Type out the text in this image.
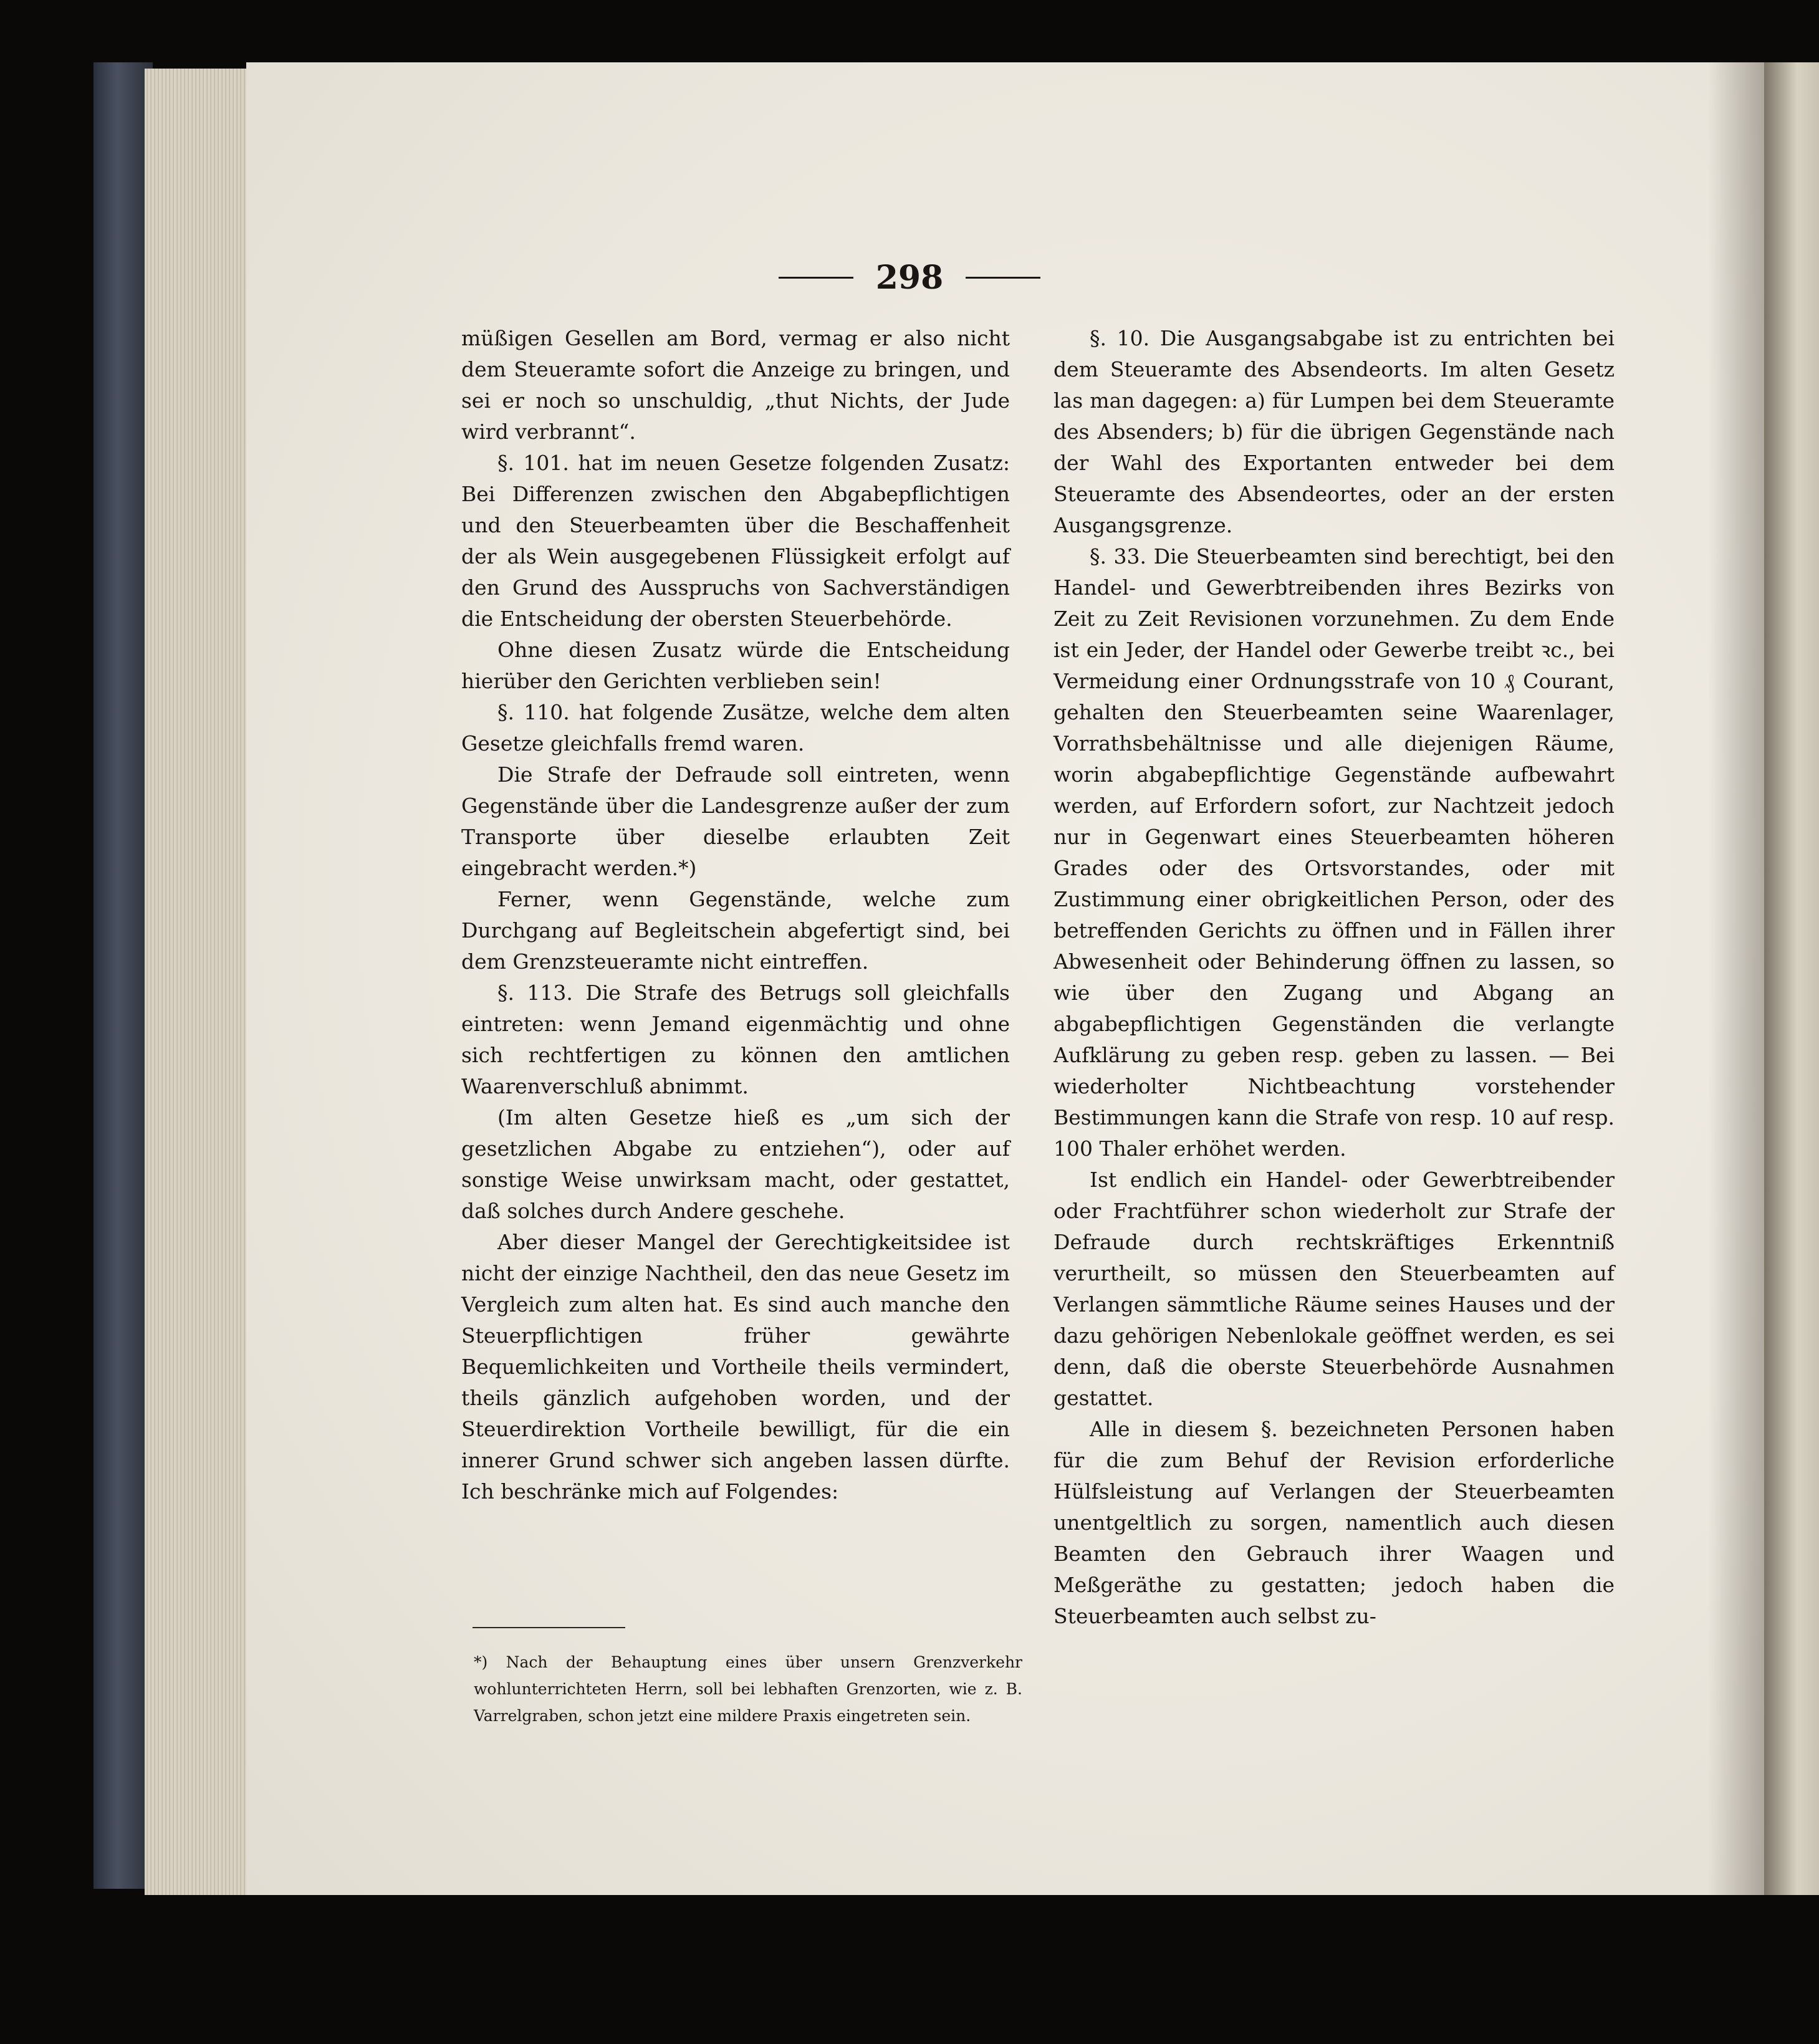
298

müßigen Gesellen am Bord, vermag er also nicht dem Steueramte sofort die Anzeige zu bringen, und sei er noch so unschuldig, „thut Nichts, der Jude wird verbrannt“.

§. 101. hat im neuen Gesetze folgenden Zusatz: Bei Differenzen zwischen den Abgabepflichtigen und den Steuerbeamten über die Beschaffenheit der als Wein ausgegebenen Flüssigkeit erfolgt auf den Grund des Ausspruchs von Sachverständigen die Entscheidung der obersten Steuerbehörde.

Ohne diesen Zusatz würde die Entscheidung hierüber den Gerichten verblieben sein!

§. 110. hat folgende Zusätze, welche dem alten Gesetze gleichfalls fremd waren.

Die Strafe der Defraude soll eintreten, wenn Gegenstände über die Landesgrenze außer der zum Transporte über dieselbe erlaubten Zeit eingebracht werden.*)

Ferner, wenn Gegenstände, welche zum Durchgang auf Begleitschein abgefertigt sind, bei dem Grenzsteueramte nicht eintreffen.

§. 113. Die Strafe des Betrugs soll gleichfalls eintreten: wenn Jemand eigenmächtig und ohne sich rechtfertigen zu können den amtlichen Waarenverschluß abnimmt.

(Im alten Gesetze hieß es „um sich der gesetzlichen Abgabe zu entziehen“), oder auf sonstige Weise unwirksam macht, oder gestattet, daß solches durch Andere geschehe.

Aber dieser Mangel der Gerechtigkeitsidee ist nicht der einzige Nachtheil, den das neue Gesetz im Vergleich zum alten hat. Es sind auch manche den Steuerpflichtigen früher gewährte Bequemlichkeiten und Vortheile theils vermindert, theils gänzlich aufgehoben worden, und der Steuerdirektion Vortheile bewilligt, für die ein innerer Grund schwer sich angeben lassen dürfte. Ich beschränke mich auf Folgendes:

*) Nach der Behauptung eines über unsern Grenzverkehr wohlunterrichteten Herrn, soll bei lebhaften Grenzorten, wie z. B. Varrelgraben, schon jetzt eine mildere Praxis eingetreten sein.

§. 10. Die Ausgangsabgabe ist zu entrichten bei dem Steueramte des Absendeorts. Im alten Gesetz las man dagegen: a) für Lumpen bei dem Steueramte des Absenders; b) für die übrigen Gegenstände nach der Wahl des Exportanten entweder bei dem Steueramte des Absendeortes, oder an der ersten Ausgangsgrenze.

§. 33. Die Steuerbeamten sind berechtigt, bei den Handel- und Gewerbtreibenden ihres Bezirks von Zeit zu Zeit Revisionen vorzunehmen. Zu dem Ende ist ein Jeder, der Handel oder Gewerbe treibt ꝛc., bei Vermeidung einer Ordnungsstrafe von 10 ₰ Courant, gehalten den Steuerbeamten seine Waarenlager, Vorrathsbehältnisse und alle diejenigen Räume, worin abgabepflichtige Gegenstände aufbewahrt werden, auf Erfordern sofort, zur Nachtzeit jedoch nur in Gegenwart eines Steuerbeamten höheren Grades oder des Ortsvorstandes, oder mit Zustimmung einer obrigkeitlichen Person, oder des betreffenden Gerichts zu öffnen und in Fällen ihrer Abwesenheit oder Behinderung öffnen zu lassen, so wie über den Zugang und Abgang an abgabepflichtigen Gegenständen die verlangte Aufklärung zu geben resp. geben zu lassen. — Bei wiederholter Nichtbeachtung vorstehender Bestimmungen kann die Strafe von resp. 10 auf resp. 100 Thaler erhöhet werden.

Ist endlich ein Handel- oder Gewerbtreibender oder Frachtführer schon wiederholt zur Strafe der Defraude durch rechtskräftiges Erkenntniß verurtheilt, so müssen den Steuerbeamten auf Verlangen sämmtliche Räume seines Hauses und der dazu gehörigen Nebenlokale geöffnet werden, es sei denn, daß die oberste Steuerbehörde Ausnahmen gestattet.

Alle in diesem §. bezeichneten Personen haben für die zum Behuf der Revision erforderliche Hülfsleistung auf Verlangen der Steuerbeamten unentgeltlich zu sorgen, namentlich auch diesen Beamten den Gebrauch ihrer Waagen und Meßgeräthe zu gestatten; jedoch haben die Steuerbeamten auch selbst zu-
